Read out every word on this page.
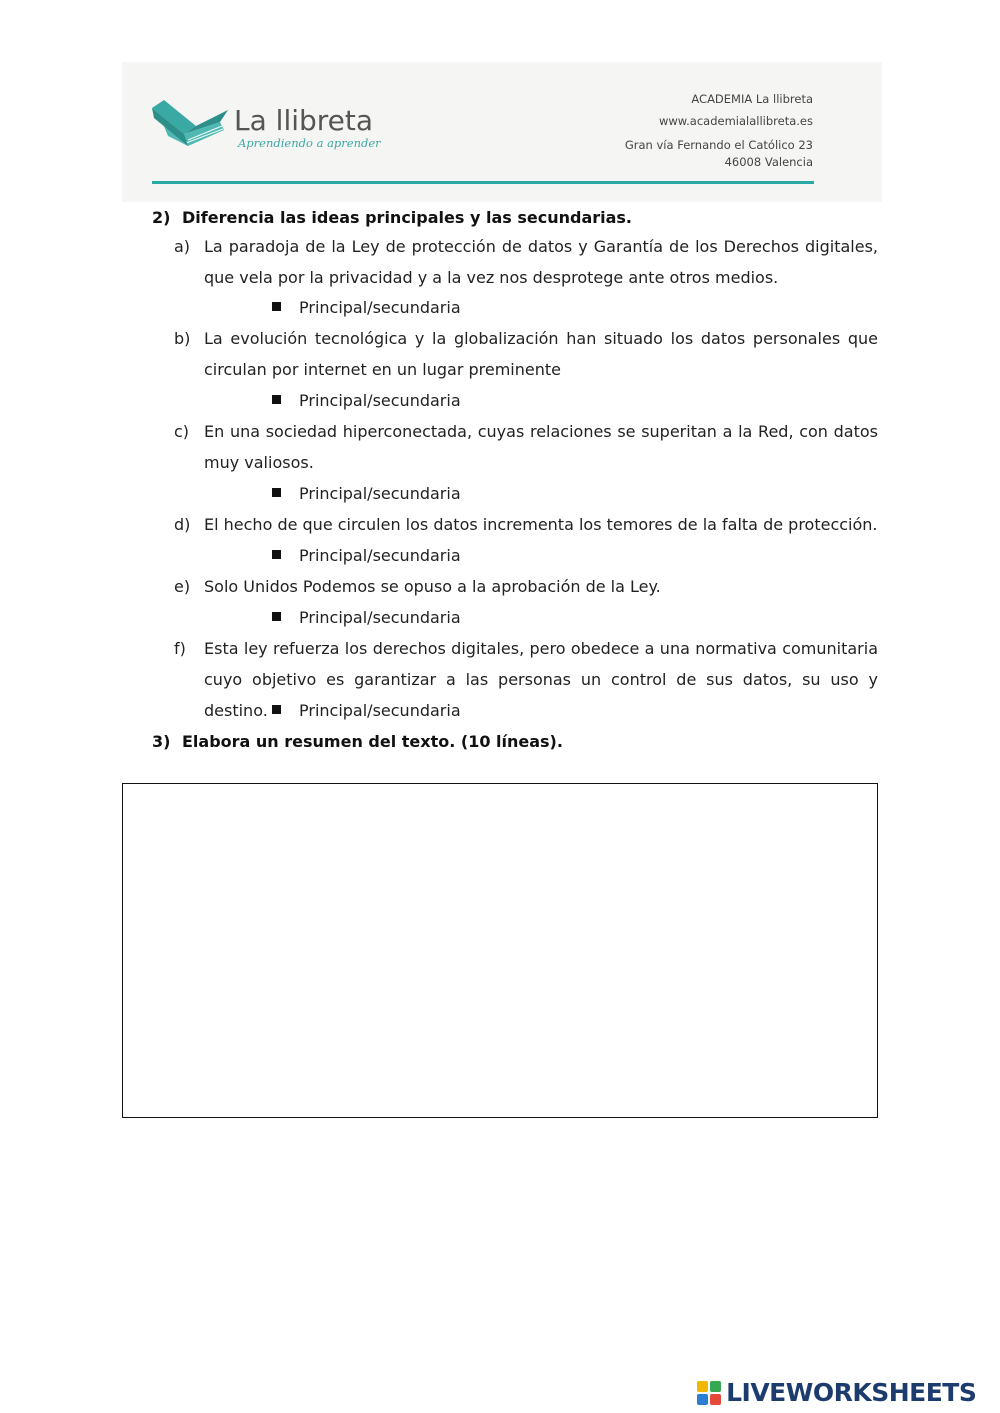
La llibreta
Aprendiendo a aprender
ACADEMIA La llibreta
www.academialallibreta.es
Gran vía Fernando el Católico 23
46008 Valencia
2) Diferencia las ideas principales y las secundarias.
a) La paradoja de la Ley de protección de datos y Garantía de los Derechos digitales, que vela por la privacidad y a la vez nos desprotege ante otros medios.
Principal/secundaria
b) La evolución tecnológica y la globalización han situado los datos personales que circulan por internet en un lugar preminente
Principal/secundaria
c) En una sociedad hiperconectada, cuyas relaciones se superitan a la Red, con datos muy valiosos.
Principal/secundaria
d) El hecho de que circulen los datos incrementa los temores de la falta de protección.
Principal/secundaria
e) Solo Unidos Podemos se opuso a la aprobación de la Ley.
Principal/secundaria
f) Esta ley refuerza los derechos digitales, pero obedece a una normativa comunitaria cuyo objetivo es garantizar a las personas un control de sus datos, su uso y destino.	Principal/secundaria
3) Elabora un resumen del texto. (10 líneas).
LIVEWORKSHEETS
